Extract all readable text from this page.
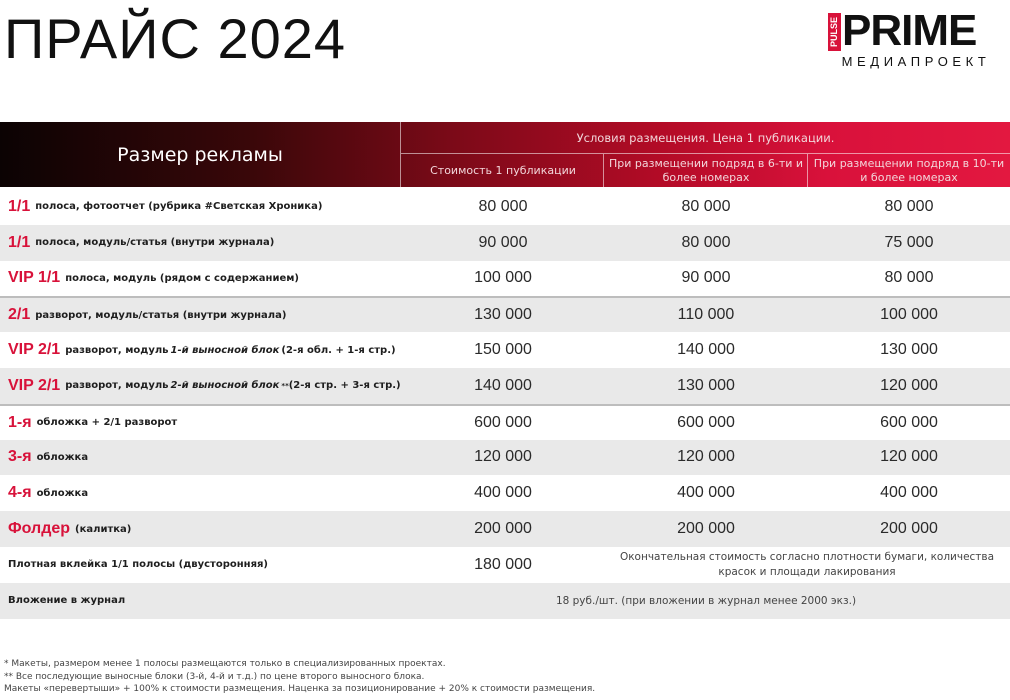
ПРАЙС 2024	PULSE PRIME
МЕДИАПРОЕКТ
Размер рекламы
Условия размещения. Цена 1 публикации.
Стоимость 1 публикации
При размещении подряд в 6-ти и более номерах
При размещении подряд в 10-ти и более номерах
1/1 полоса, фотоотчет (рубрика #Светская Хроника)	80 000	80 000	80 000
1/1 полоса, модуль/статья (внутри журнала)	90 000	80 000	75 000
VIP 1/1 полоса, модуль (рядом с содержанием)	100 000	90 000	80 000
2/1 разворот, модуль/статья (внутри журнала)	130 000	110 000	100 000
VIP 2/1 разворот, модуль 1-й выносной блок (2-я обл. + 1-я стр.)	150 000	140 000	130 000
VIP 2/1 разворот, модуль 2-й выносной блок ** (2-я стр. + 3-я стр.)	140 000	130 000	120 000
1-я обложка + 2/1 разворот	600 000	600 000	600 000
3-я обложка	120 000	120 000	120 000
4-я обложка	400 000	400 000	400 000
Фолдер (калитка)	200 000	200 000	200 000
Плотная вклейка 1/1 полосы (двусторонняя)	180 000	Окончательная стоимость согласно плотности бумаги, количества красок и площади лакирования
Вложение в журнал	18 руб./шт. (при вложении в журнал менее 2000 экз.)
* Макеты, размером менее 1 полосы размещаются только в специализированных проектах.
** Все последующие выносные блоки (3-й, 4-й и т.д.) по цене второго выносного блока.
Макеты «перевертыши» + 100% к стоимости размещения. Наценка за позиционирование + 20% к стоимости размещения.
